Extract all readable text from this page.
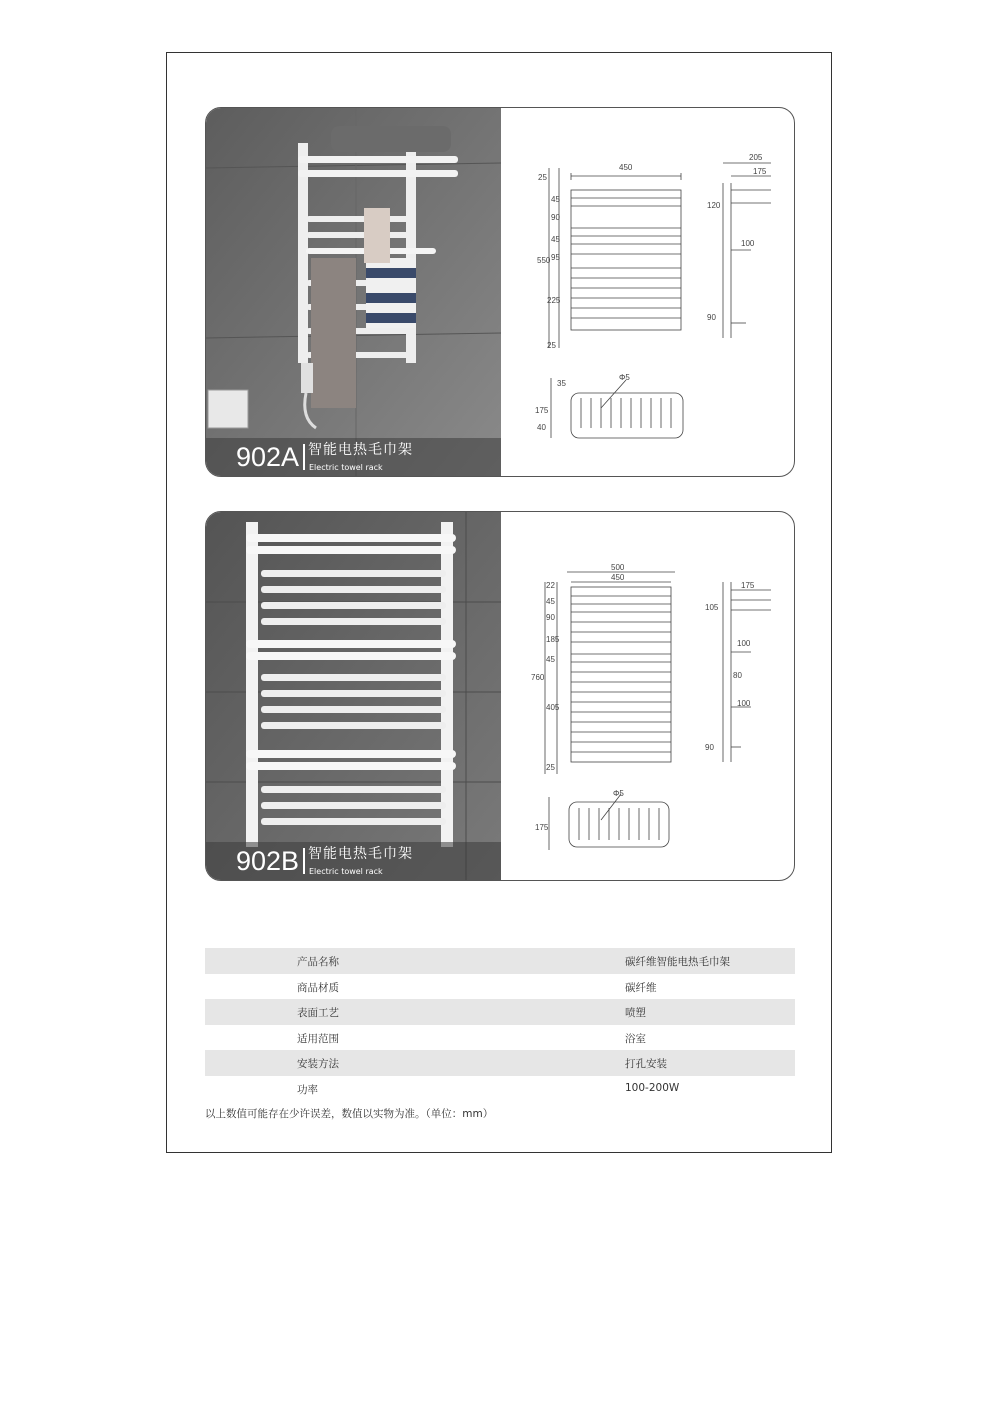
450
25
45
90
45
550 95
225
25
205
175
120
100
90
35
175
40
Φ5
902A 智能电热毛巾架
Electric towel rack
500
450
22
45
90
185
45
760
405
25
175
105
100
80
100
90
175
Φ5
902B 智能电热毛巾架
Electric towel rack
产品名称	碳纤维智能电热毛巾架
商品材质	碳纤维
表面工艺	喷塑
适用范围	浴室
安装方法	打孔安装
功率	100-200W
以上数值可能存在少许误差，数值以实物为准。（单位：mm）
